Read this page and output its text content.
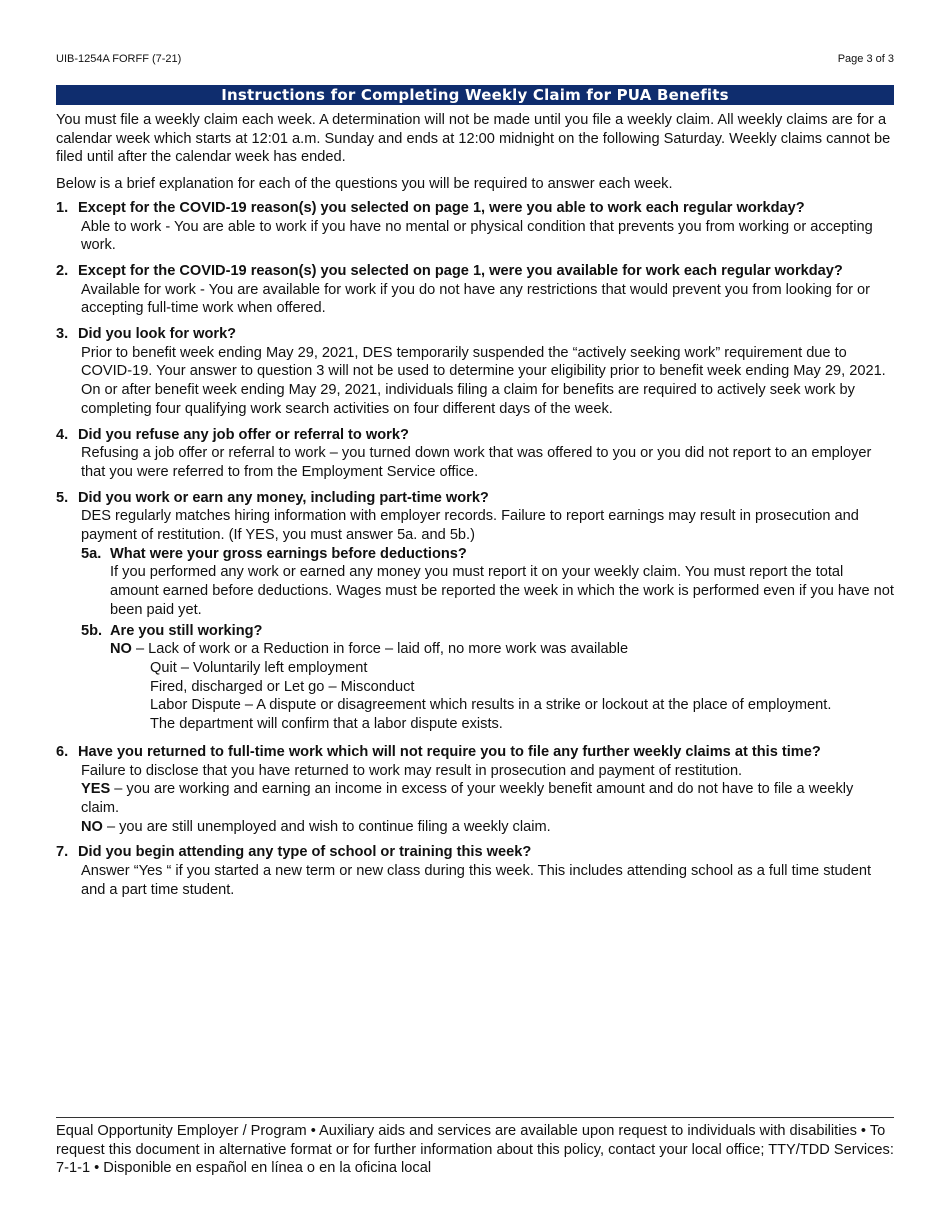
UIB-1254A FORFF (7-21)	Page 3 of 3
Instructions for Completing Weekly Claim for PUA Benefits

You must file a weekly claim each week. A determination will not be made until you file a weekly claim. All weekly claims are for a calendar week which starts at 12:01 a.m. Sunday and ends at 12:00 midnight on the following Saturday. Weekly claims cannot be filed until after the calendar week has ended.

Below is a brief explanation for each of the questions you will be required to answer each week.

1. Except for the COVID-19 reason(s) you selected on page 1, were you able to work each regular workday?

Able to work - You are able to work if you have no mental or physical condition that prevents you from working or accepting work.

2. Except for the COVID-19 reason(s) you selected on page 1, were you available for work each regular workday?

Available for work - You are available for work if you do not have any restrictions that would prevent you from looking for or accepting full-time work when offered.

3. Did you look for work?

Prior to benefit week ending May 29, 2021, DES temporarily suspended the “actively seeking work” requirement due to COVID-19. Your answer to question 3 will not be used to determine your eligibility prior to benefit week ending May 29, 2021. On or after benefit week ending May 29, 2021, individuals filing a claim for benefits are required to actively seek work by completing four qualifying work search activities on four different days of the week.

4. Did you refuse any job offer or referral to work?

Refusing a job offer or referral to work – you turned down work that was offered to you or you did not report to an employer that you were referred to from the Employment Service office.

5. Did you work or earn any money, including part-time work?

DES regularly matches hiring information with employer records. Failure to report earnings may result in prosecution and payment of restitution. (If YES, you must answer 5a. and 5b.)

5a. What were your gross earnings before deductions?

If you performed any work or earned any money you must report it on your weekly claim. You must report the total amount earned before deductions. Wages must be reported the week in which the work is performed even if you have not been paid yet.

5b. Are you still working?

NO – Lack of work or a Reduction in force – laid off, no more work was available

Quit – Voluntarily left employment

Fired, discharged or Let go – Misconduct

Labor Dispute – A dispute or disagreement which results in a strike or lockout at the place of employment.

The department will confirm that a labor dispute exists.

6. Have you returned to full-time work which will not require you to file any further weekly claims at this time?

Failure to disclose that you have returned to work may result in prosecution and payment of restitution.

YES – you are working and earning an income in excess of your weekly benefit amount and do not have to file a weekly claim.

NO – you are still unemployed and wish to continue filing a weekly claim.

7. Did you begin attending any type of school or training this week?

Answer “Yes “ if you started a new term or new class during this week. This includes attending school as a full time student and a part time student.

Equal Opportunity Employer / Program • Auxiliary aids and services are available upon request to individuals with disabilities • To request this document in alternative format or for further information about this policy, contact your local office; TTY/TDD Services: 7-1-1 • Disponible en español en línea o en la oficina local
